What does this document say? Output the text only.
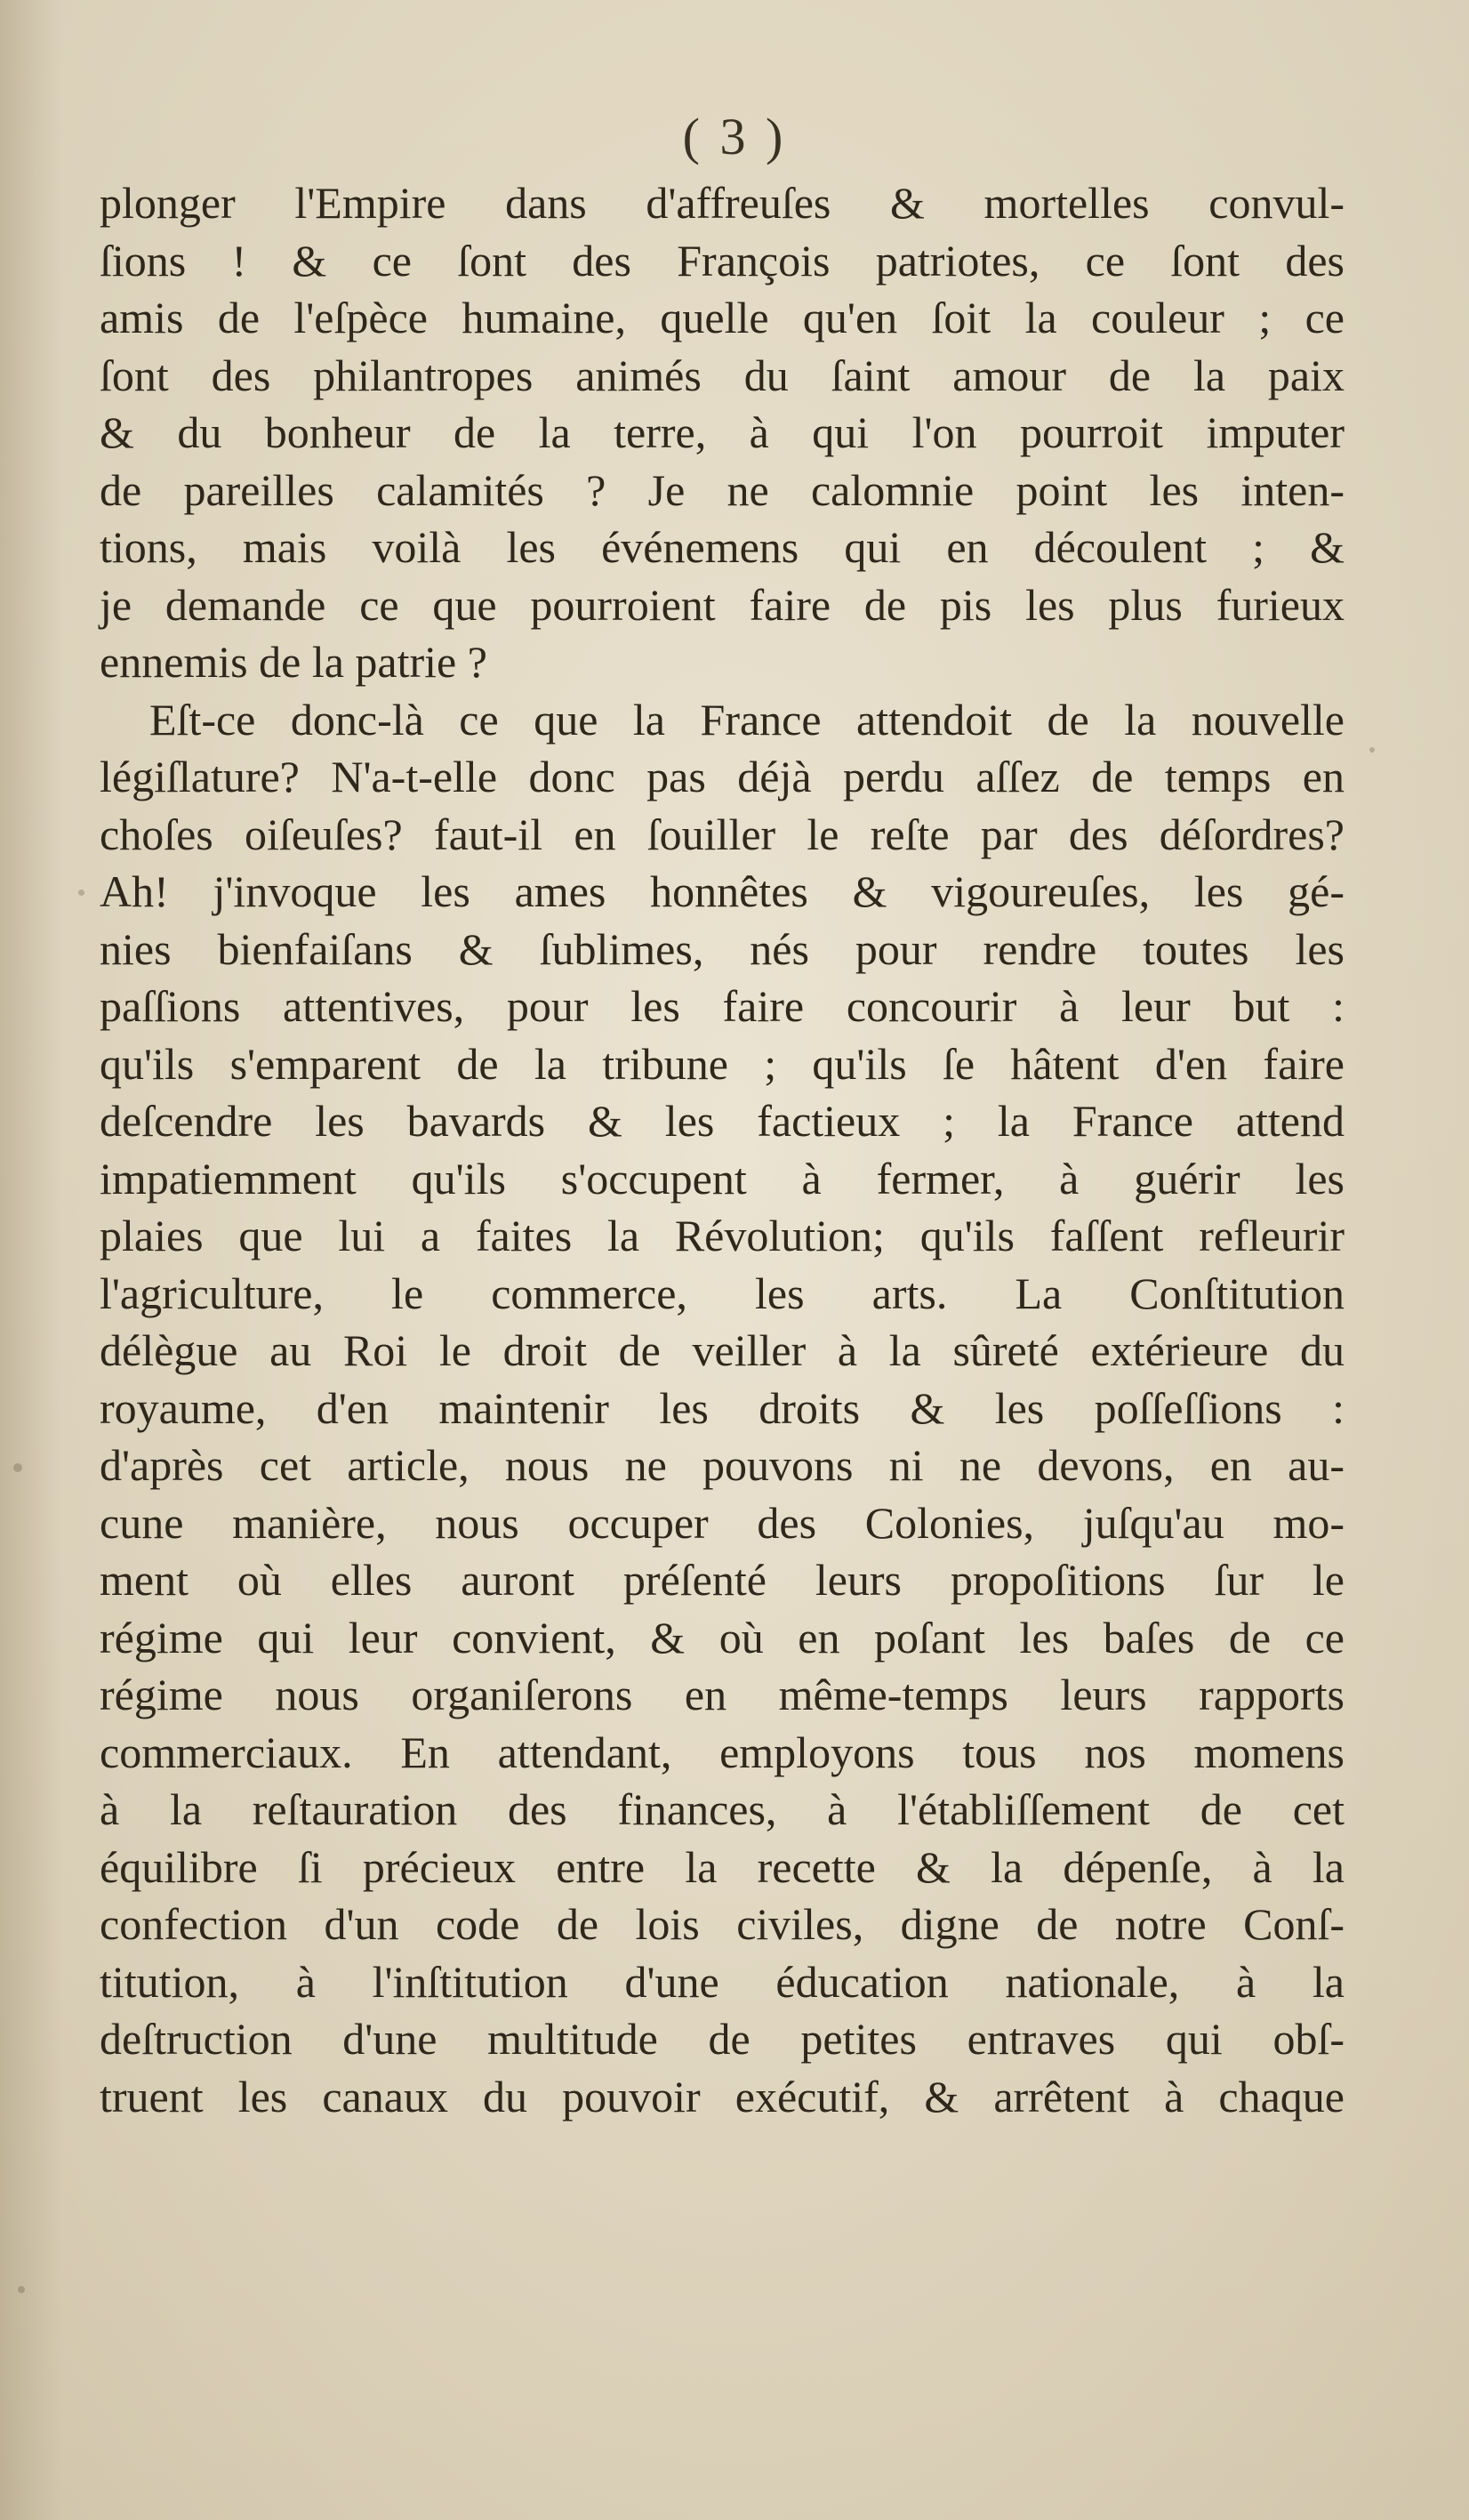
( 3 )
plonger l'Empire dans d'affreuſes & mortelles convul-
ſions ! & ce ſont des François patriotes, ce ſont des
amis de l'eſpèce humaine, quelle qu'en ſoit la couleur ; ce
ſont des philantropes animés du ſaint amour de la paix
& du bonheur de la terre, à qui l'on pourroit imputer
de pareilles calamités ? Je ne calomnie point les inten-
tions, mais voilà les événemens qui en découlent ; &
je demande ce que pourroient faire de pis les plus furieux
ennemis de la patrie ?
Eſt-ce donc-là ce que la France attendoit de la nouvelle
légiſlature? N'a-t-elle donc pas déjà perdu aſſez de temps en
choſes oiſeuſes? faut-il en ſouiller le reſte par des déſordres?
Ah! j'invoque les ames honnêtes & vigoureuſes, les gé-
nies bienfaiſans & ſublimes, nés pour rendre toutes les
paſſions attentives, pour les faire concourir à leur but :
qu'ils s'emparent de la tribune ; qu'ils ſe hâtent d'en faire
deſcendre les bavards & les factieux ; la France attend
impatiemment qu'ils s'occupent à fermer, à guérir les
plaies que lui a faites la Révolution; qu'ils faſſent refleurir
l'agriculture, le commerce, les arts. La Conſtitution
délègue au Roi le droit de veiller à la sûreté extérieure du
royaume, d'en maintenir les droits & les poſſeſſions :
d'après cet article, nous ne pouvons ni ne devons, en au-
cune manière, nous occuper des Colonies, juſqu'au mo-
ment où elles auront préſenté leurs propoſitions ſur le
régime qui leur convient, & où en poſant les baſes de ce
régime nous organiſerons en même-temps leurs rapports
commerciaux. En attendant, employons tous nos momens
à la reſtauration des finances, à l'établiſſement de cet
équilibre ſi précieux entre la recette & la dépenſe, à la
confection d'un code de lois civiles, digne de notre Conſ-
titution, à l'inſtitution d'une éducation nationale, à la
deſtruction d'une multitude de petites entraves qui obſ-
truent les canaux du pouvoir exécutif, & arrêtent à chaque
